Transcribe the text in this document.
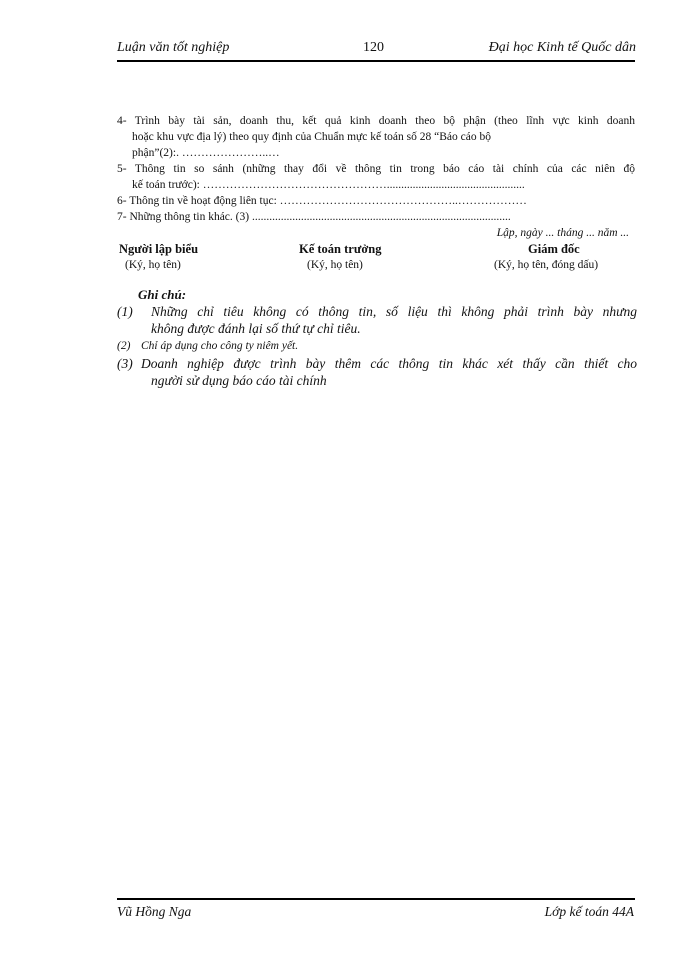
Luận văn tốt nghiệp	120	Đại học Kinh tế Quốc dân
4- Trình bày tài sản, doanh thu, kết quả kinh doanh theo bộ phận (theo lĩnh vực kinh doanh
hoặc khu vực địa lý) theo quy định của Chuẩn mực kế toán số 28 “Báo cáo bộ
phận”(2):. …………………..…
5- Thông tin so sánh (những thay đổi về thông tin trong báo cáo tài chính của các niên độ
kế toán trước): …………………………………………................................................
6- Thông tin về hoạt động liên tục: ………………………………………..………………
7- Những thông tin khác. (3) ..........................................................................................
Lập, ngày ... tháng ... năm ...
Người lập biểu	Kế toán trưởng	Giám đốc
(Ký, họ tên)	(Ký, họ tên)	(Ký, họ tên, đóng dấu)
Ghi chú:
(1) Những chỉ tiêu không có thông tin, số liệu thì không phải trình bày nhưng
không được đánh lại số thứ tự chỉ tiêu.
(2) Chỉ áp dụng cho công ty niêm yết.
(3) Doanh nghiệp được trình bày thêm các thông tin khác xét thấy cần thiết cho
người sử dụng báo cáo tài chính
Vũ Hồng Nga	Lớp kế toán 44A
